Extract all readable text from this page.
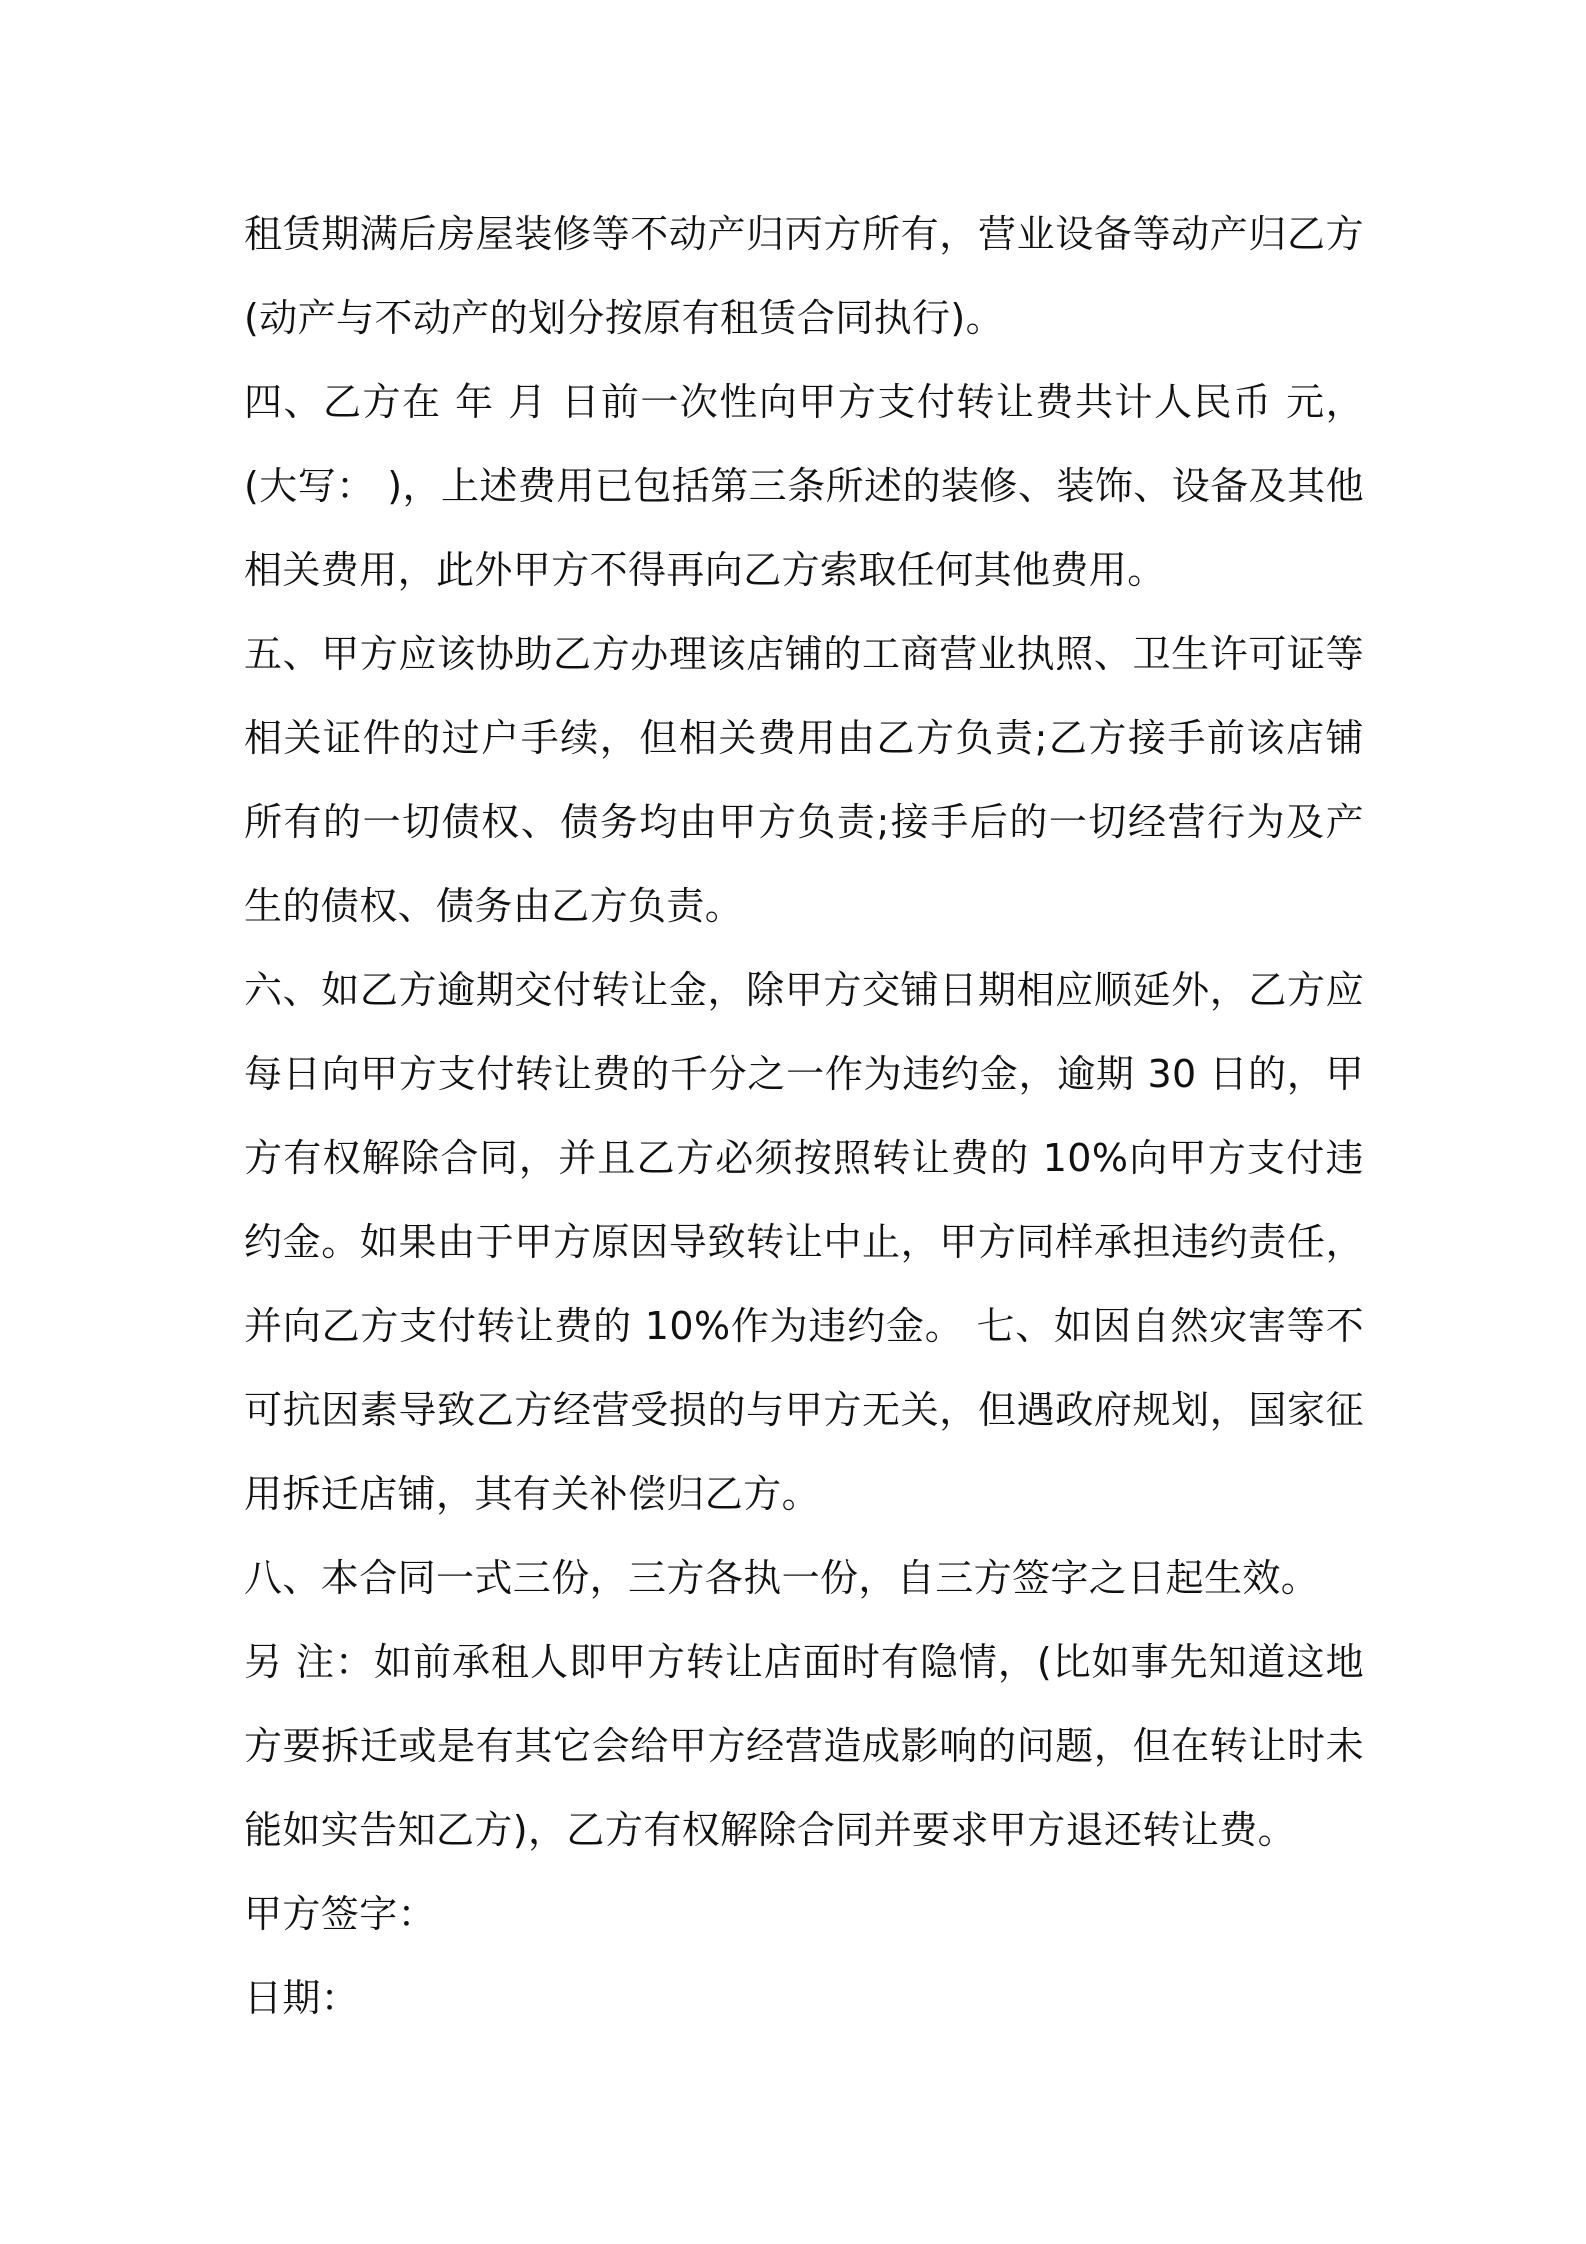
租赁期满后房屋装修等不动产归丙方所有，营业设备等动产归乙方(动产与不动产的划分按原有租赁合同执行)。

四、乙方在 年 月 日前一次性向甲方支付转让费共计人民币 元，(大写： )，上述费用已包括第三条所述的装修、装饰、设备及其他相关费用，此外甲方不得再向乙方索取任何其他费用。

五、甲方应该协助乙方办理该店铺的工商营业执照、卫生许可证等相关证件的过户手续，但相关费用由乙方负责;乙方接手前该店铺所有的一切债权、债务均由甲方负责;接手后的一切经营行为及产生的债权、债务由乙方负责。

六、如乙方逾期交付转让金，除甲方交铺日期相应顺延外，乙方应每日向甲方支付转让费的千分之一作为违约金，逾期 30 日的，甲方有权解除合同，并且乙方必须按照转让费的 10%向甲方支付违约金。如果由于甲方原因导致转让中止，甲方同样承担违约责任，并向乙方支付转让费的 10%作为违约金。 七、如因自然灾害等不可抗因素导致乙方经营受损的与甲方无关，但遇政府规划，国家征用拆迁店铺，其有关补偿归乙方。

八、本合同一式三份，三方各执一份，自三方签字之日起生效。

另 注：如前承租人即甲方转让店面时有隐情，(比如事先知道这地方要拆迁或是有其它会给甲方经营造成影响的问题，但在转让时未能如实告知乙方)，乙方有权解除合同并要求甲方退还转让费。

甲方签字：

日期：
